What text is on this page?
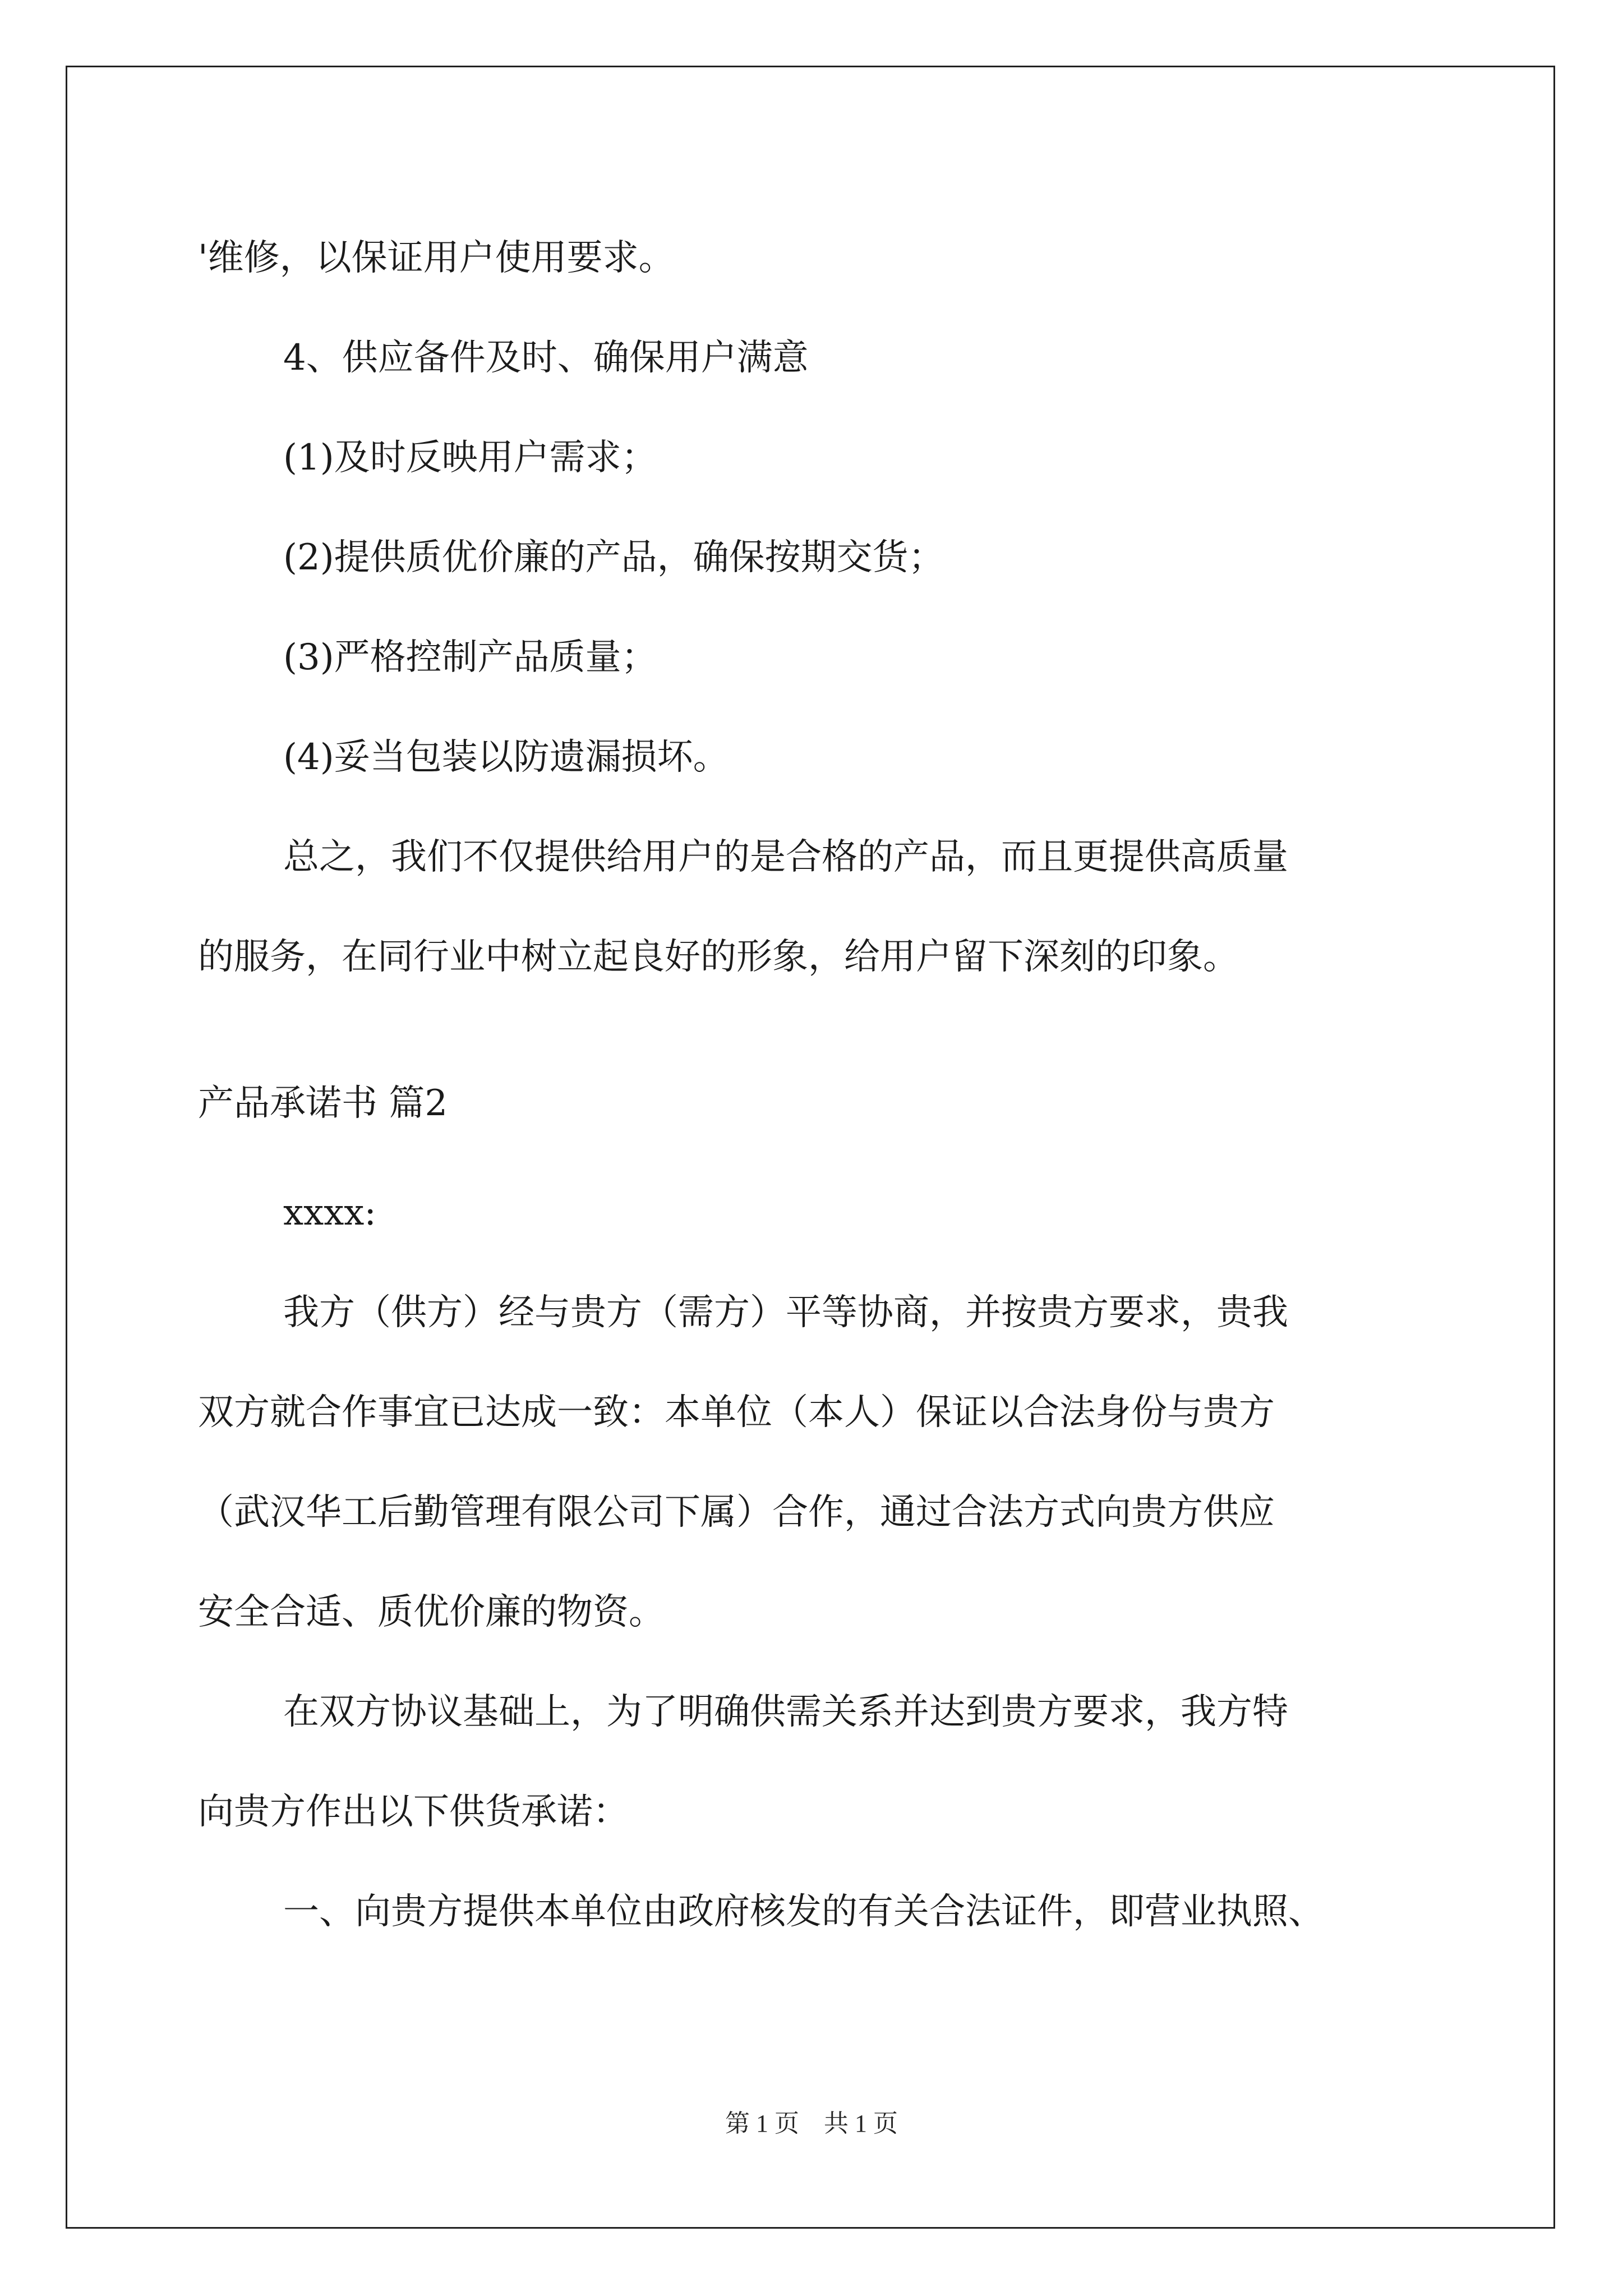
'维修，以保证用户使用要求。

4、供应备件及时、确保用户满意

(1)及时反映用户需求；

(2)提供质优价廉的产品，确保按期交货；

(3)严格控制产品质量；

(4)妥当包装以防遗漏损坏。

总之，我们不仅提供给用户的是合格的产品，而且更提供高质量

的服务，在同行业中树立起良好的形象，给用户留下深刻的印象。

产品承诺书 篇2

xxxx:

我方（供方）经与贵方（需方）平等协商，并按贵方要求，贵我

双方就合作事宜已达成一致：本单位（本人）保证以合法身份与贵方

（武汉华工后勤管理有限公司下属）合作，通过合法方式向贵方供应

安全合适、质优价廉的物资。

在双方协议基础上，为了明确供需关系并达到贵方要求，我方特

向贵方作出以下供货承诺：

一、向贵方提供本单位由政府核发的有关合法证件，即营业执照、

第 1 页　共 1 页
